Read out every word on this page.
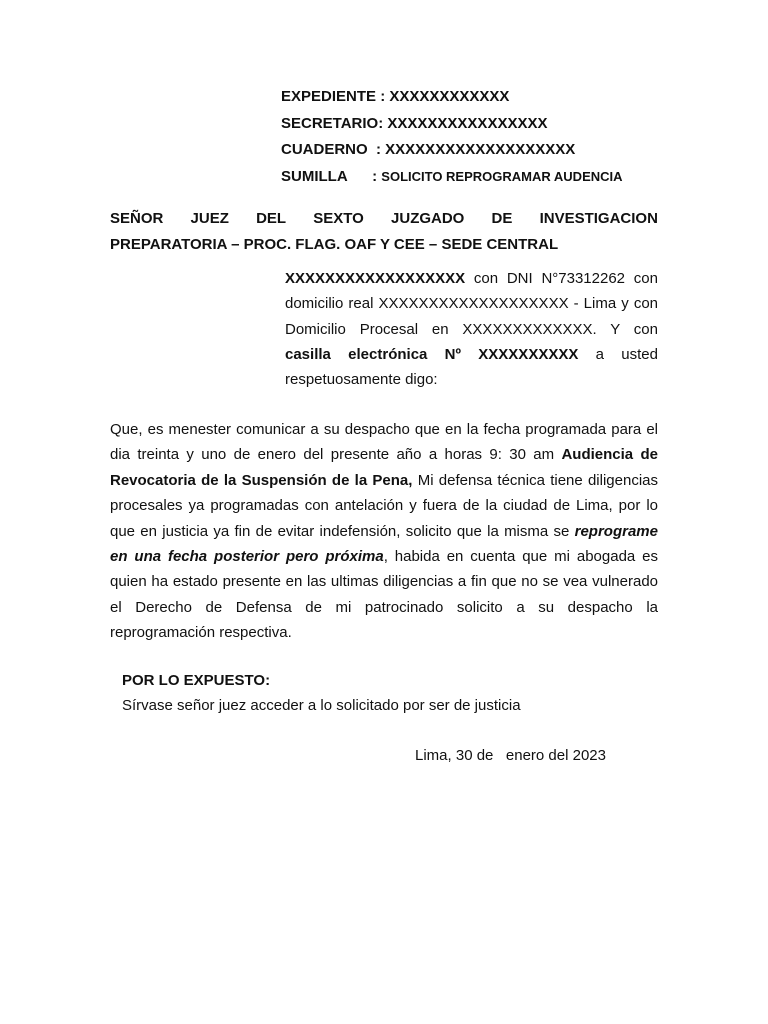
EXPEDIENTE : XXXXXXXXXXXX
SECRETARIO: XXXXXXXXXXXXXXXX
CUADERNO  : XXXXXXXXXXXXXXXXXXX
SUMILLA      : SOLICITO REPROGRAMAR AUDENCIA
SEÑOR JUEZ DEL SEXTO JUZGADO DE INVESTIGACION
PREPARATORIA – PROC. FLAG. OAF Y CEE – SEDE CENTRAL
XXXXXXXXXXXXXXXXXX con DNI N°73312262 con domicilio real XXXXXXXXXXXXXXXXXXX - Lima y con Domicilio Procesal en XXXXXXXXXXXXX. Y con casilla electrónica Nº XXXXXXXXXX a usted respetuosamente digo:
Que, es menester comunicar a su despacho que en la fecha programada para el dia treinta y uno de enero del presente año a horas 9: 30 am Audiencia de Revocatoria de la Suspensión de la Pena, Mi defensa técnica tiene diligencias procesales ya programadas con antelación y fuera de la ciudad de Lima, por lo que en justicia ya fin de evitar indefensión, solicito que la misma se reprograme en una fecha posterior pero próxima, habida en cuenta que mi abogada es quien ha estado presente en las ultimas diligencias a fin que no se vea vulnerado el Derecho de Defensa de mi patrocinado solicito a su despacho la reprogramación respectiva.
POR LO EXPUESTO:
Sírvase señor juez acceder a lo solicitado por ser de justicia
Lima, 30 de   enero del 2023
